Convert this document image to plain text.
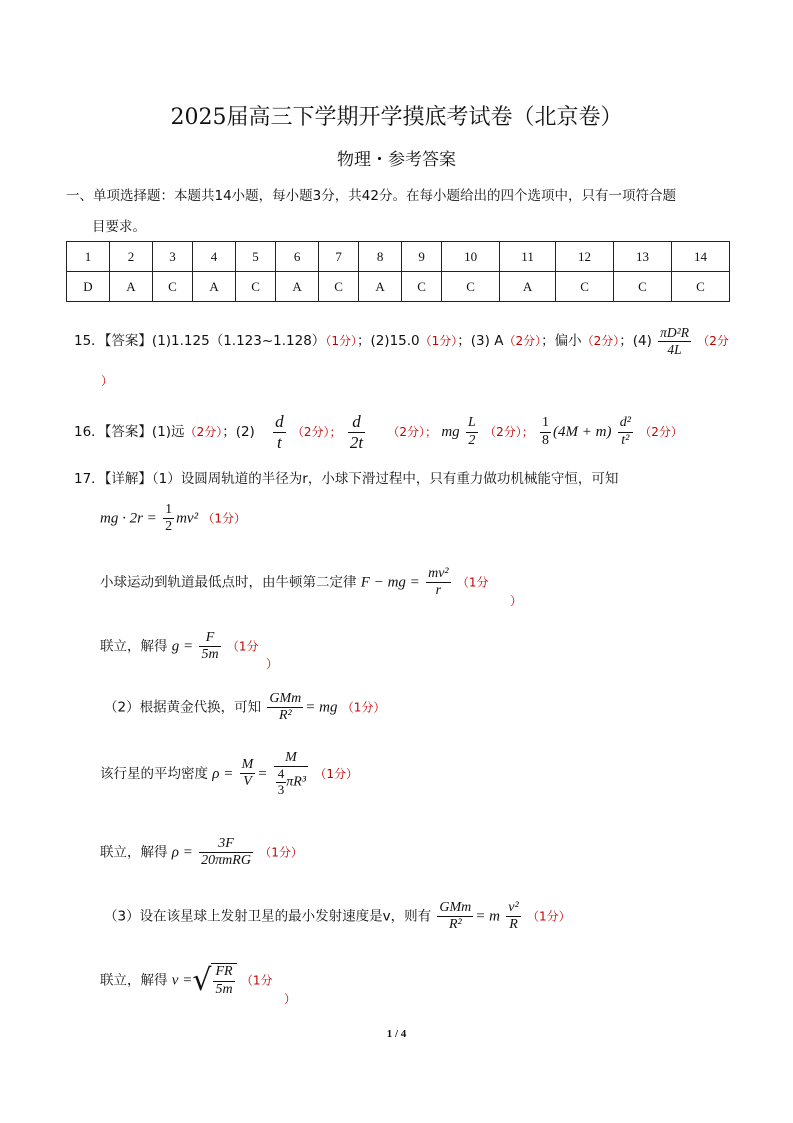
2025届高三下学期开学摸底考试卷（北京卷）
物理・参考答案
一、单项选择题：本题共14小题，每小题3分，共42分。在每小题给出的四个选项中，只有一项符合题
目要求。
1	2	3	4	5	6	7	8	9	10	11	12	13	14
D	A	C	A	C	A	C	A	C	C	A	C	C	C
15．【答案】(1)1.125（1.123~1.128）（1分）；(2)15.0（1分）；(3) A（2分）；偏小（2分）；$(4) \frac{\text{πD²R}}{4L} (2$分
）
16．【答案】(1)远（2分）；$(2) \frac{d}{t} (2$分）； $\frac{d}{2t} (2$分）； mg $\frac{L}{2} (2$分）； $\frac{1}{8} (4M + m) \frac{\text{d²}}{\text{t²}} (2$分）
17．【详解】（1）设圆周轨道的半径为r，小球下滑过程中，只有重力做功机械能守恒，可知
mg · $2r = \frac{1}{2} mv^2$ （1分）
小球运动到轨道最低点时，由牛顿第二定律 F − mg = $\frac{\text{mv²}}{r} (1$分
）
联立，解得 $g = \frac{F}{5m} (1$分
）
（2）根据黄金代换，可知 $\frac{\text{GMm}}{\text{R²}}$ = mg （1分）
该行星的平均密度 $\rho = \frac{M}{V} = \frac{M}{\frac{4}{3} \pi R^3} (1$分）
联立，解得 $\rho = \frac{3F}{\text{20πmRG}} (1$分）
（3）设在该星球上发射卫星的最小发射速度是v，则有 $\frac{\text{GMm}}{\text{R²}} = m \frac{\text{v²}}{R} (1$分）
联立，解得 v =√ $\frac{FR}{5m} (1$分
）
1 / 4
